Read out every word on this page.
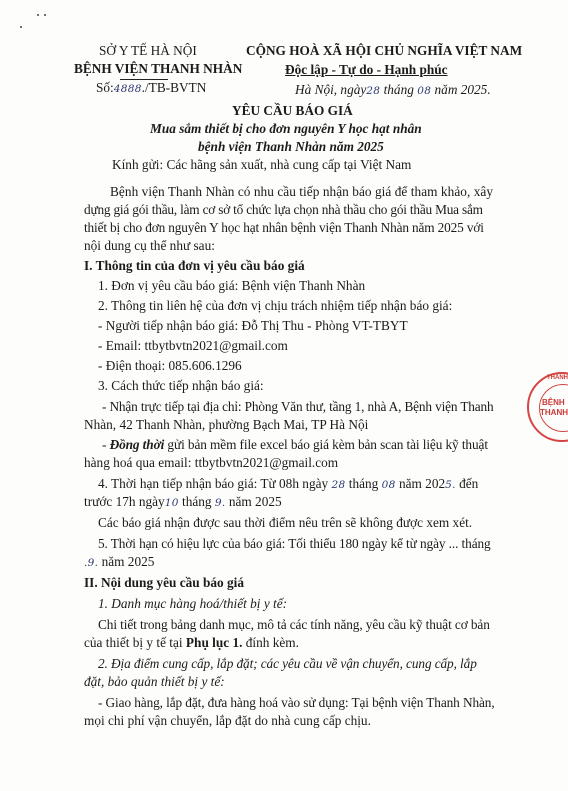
SỞ Y TẾ HÀ NỘI
BỆNH VIỆN THANH NHÀN
Số:4888./TB-BVTN
CỘNG HOÀ XÃ HỘI CHỦ NGHĨA VIỆT NAM
Độc lập - Tự do - Hạnh phúc
Hà Nội, ngày28 tháng 08 năm 2025.
YÊU CẦU BÁO GIÁ
Mua sắm thiết bị cho đơn nguyên Y học hạt nhân
bệnh viện Thanh Nhàn năm 2025
Kính gửi: Các hãng sản xuất, nhà cung cấp tại Việt Nam
Bệnh viện Thanh Nhàn có nhu cầu tiếp nhận báo giá để tham khảo, xây
dựng giá gói thầu, làm cơ sở tổ chức lựa chọn nhà thầu cho gói thầu Mua sắm
thiết bị cho đơn nguyên Y học hạt nhân bệnh viện Thanh Nhàn năm 2025 với
nội dung cụ thể như sau:
I. Thông tin của đơn vị yêu cầu báo giá
1. Đơn vị yêu cầu báo giá: Bệnh viện Thanh Nhàn
2. Thông tin liên hệ của đơn vị chịu trách nhiệm tiếp nhận báo giá:
- Người tiếp nhận báo giá: Đỗ Thị Thu - Phòng VT-TBYT
- Email: ttbytbvtn2021@gmail.com
- Điện thoại: 085.606.1296
3. Cách thức tiếp nhận báo giá:
- Nhận trực tiếp tại địa chỉ: Phòng Văn thư, tầng 1, nhà A, Bệnh viện Thanh
Nhàn, 42 Thanh Nhàn, phường Bạch Mai, TP Hà Nội
- Đồng thời gửi bản mềm file excel báo giá kèm bản scan tài liệu kỹ thuật
hàng hoá qua email: ttbytbvtn2021@gmail.com
4. Thời hạn tiếp nhận báo giá: Từ 08h ngày 28 tháng 08 năm 2025. đến
trước 17h ngày10 tháng 9. năm 2025
Các báo giá nhận được sau thời điểm nêu trên sẽ không được xem xét.
5. Thời hạn có hiệu lực của báo giá: Tối thiểu 180 ngày kể từ ngày ... tháng
.9. năm 2025
II. Nội dung yêu cầu báo giá
1. Danh mục hàng hoá/thiết bị y tế:
Chi tiết trong bảng danh mục, mô tả các tính năng, yêu cầu kỹ thuật cơ bản
của thiết bị y tế tại Phụ lục 1. đính kèm.
2. Địa điểm cung cấp, lắp đặt; các yêu cầu về vận chuyển, cung cấp, lắp
đặt, bảo quản thiết bị y tế:
- Giao hàng, lắp đặt, đưa hàng hoá vào sử dụng: Tại bệnh viện Thanh Nhàn,
mọi chi phí vận chuyển, lắp đặt do nhà cung cấp chịu.
THANH
BỆNH
THANH
